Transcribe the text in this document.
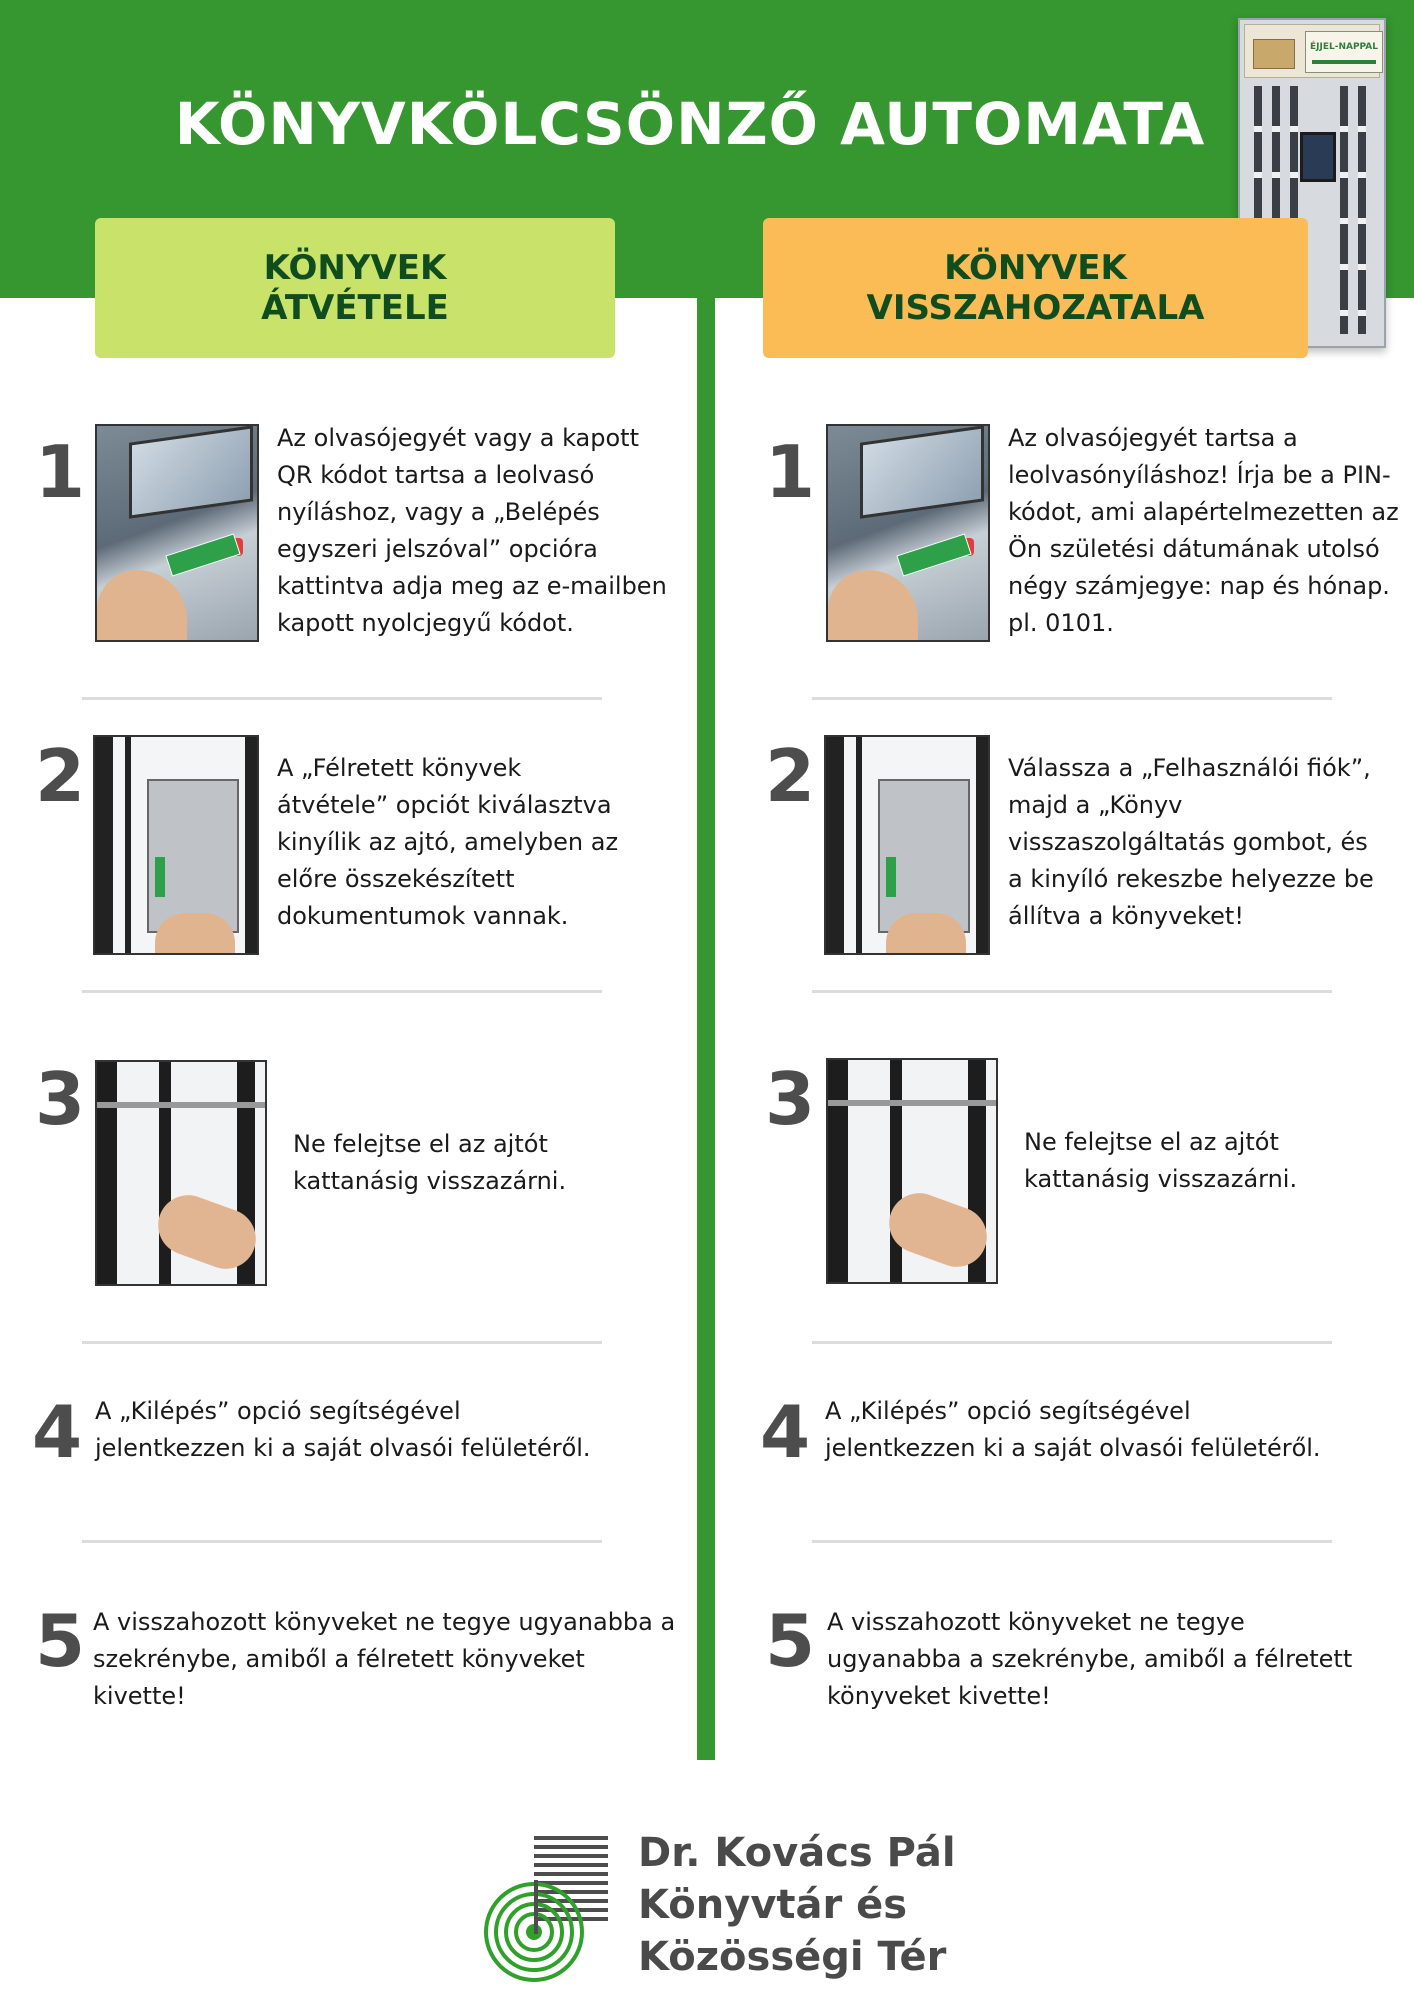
KÖNYVKÖLCSÖNZŐ AUTOMATA
ÉJJEL-NAPPAL
KÖNYVEK
ÁTVÉTELE
KÖNYVEK
VISSZAHOZATALA
1	Az olvasójegyét vagy a kapott
QR kódot tartsa a leolvasó
nyíláshoz, vagy a „Belépés
egyszeri jelszóval” opcióra
kattintva adja meg az e-mailben
kapott nyolcjegyű kódot.
2	A „Félretett könyvek
átvétele” opciót kiválasztva
kinyílik az ajtó, amelyben az
előre összekészített
dokumentumok vannak.
3
Ne felejtse el az ajtót
kattanásig visszazárni.
4 A „Kilépés” opció segítségével
jelentkezzen ki a saját olvasói felületéről.
5 A visszahozott könyveket ne tegye ugyanabba a
szekrénybe, amiből a félretett könyveket
kivette!
1	Az olvasójegyét tartsa a
leolvasónyíláshoz! Írja be a PIN-
kódot, ami alapértelmezetten az
Ön születési dátumának utolsó
négy számjegye: nap és hónap.
pl. 0101.
2	Válassza a „Felhasználói fiók”,
majd a „Könyv
visszaszolgáltatás gombot, és
a kinyíló rekeszbe helyezze be
állítva a könyveket!
3
Ne felejtse el az ajtót
kattanásig visszazárni.
4 A „Kilépés” opció segítségével
jelentkezzen ki a saját olvasói felületéről.
5 A visszahozott könyveket ne tegye
ugyanabba a szekrénybe, amiből a félretett
könyveket kivette!
Dr. Kovács Pál
Könyvtár és
Közösségi Tér
